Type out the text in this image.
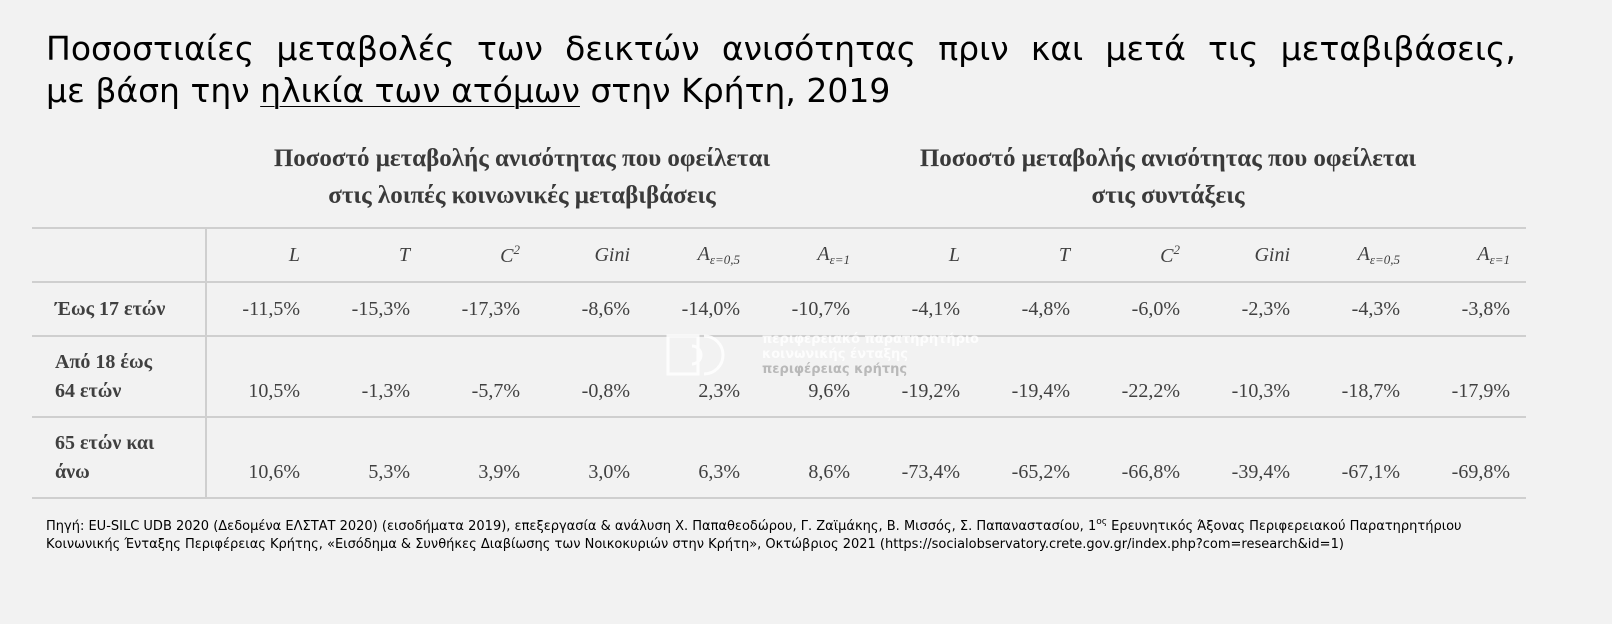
Ποσοστιαίες μεταβολές των δεικτών ανισότητας πριν και μετά τις μεταβιβάσεις,
με βάση την ηλικία των ατόμων στην Κρήτη, 2019
Ποσοστό μεταβολής ανισότητας που οφείλεται
στις λοιπές κοινωνικές μεταβιβάσεις
Ποσοστό μεταβολής ανισότητας που οφείλεται
στις συντάξεις
	L	T	$C^2$	Gini	$A_{\varepsilon=0,5}$	$A_{\varepsilon=1}$	L	T	$C^2$	Gini	$A_{\varepsilon=0,5}$	$A_{\varepsilon=1}$
Έως 17 ετών	-11,5%	-15,3%	-17,3%	-8,6%	-14,0%	-10,7%	-4,1%	-4,8%	-6,0%	-2,3%	-4,3%	-3,8%
Από 18 έως
64 ετών	10,5%	-1,3%	-5,7%	-0,8%	2,3%	9,6%	-19,2%	-19,4%	-22,2%	-10,3%	-18,7%	-17,9%
65 ετών και
άνω	10,6%	5,3%	3,9%	3,0%	6,3%	8,6%	-73,4%	-65,2%	-66,8%	-39,4%	-67,1%	-69,8%
περιφερειακό παρατηρητήριο
κοινωνικής ένταξης
περιφέρειας κρήτης
Πηγή: EU-SILC UDB 2020 (Δεδομένα ΕΛΣΤΑΤ 2020) (εισοδήματα 2019), επεξεργασία & ανάλυση Χ. Παπαθεοδώρου, Γ. Ζαϊμάκης, Β. Μισσός, Σ. Παπαναστασίου, $1^{o\varsigma}$ Ερευνητικός Άξονας Περιφερειακού Παρατηρητήριου Κοινωνικής Ένταξης Περιφέρειας Κρήτης, «Εισόδημα & Συνθήκες Διαβίωσης των Νοικοκυριών στην Κρήτη», Οκτώβριος 2021 (https://socialobservatory.crete.gov.gr/index.php?com=research&id=1)
